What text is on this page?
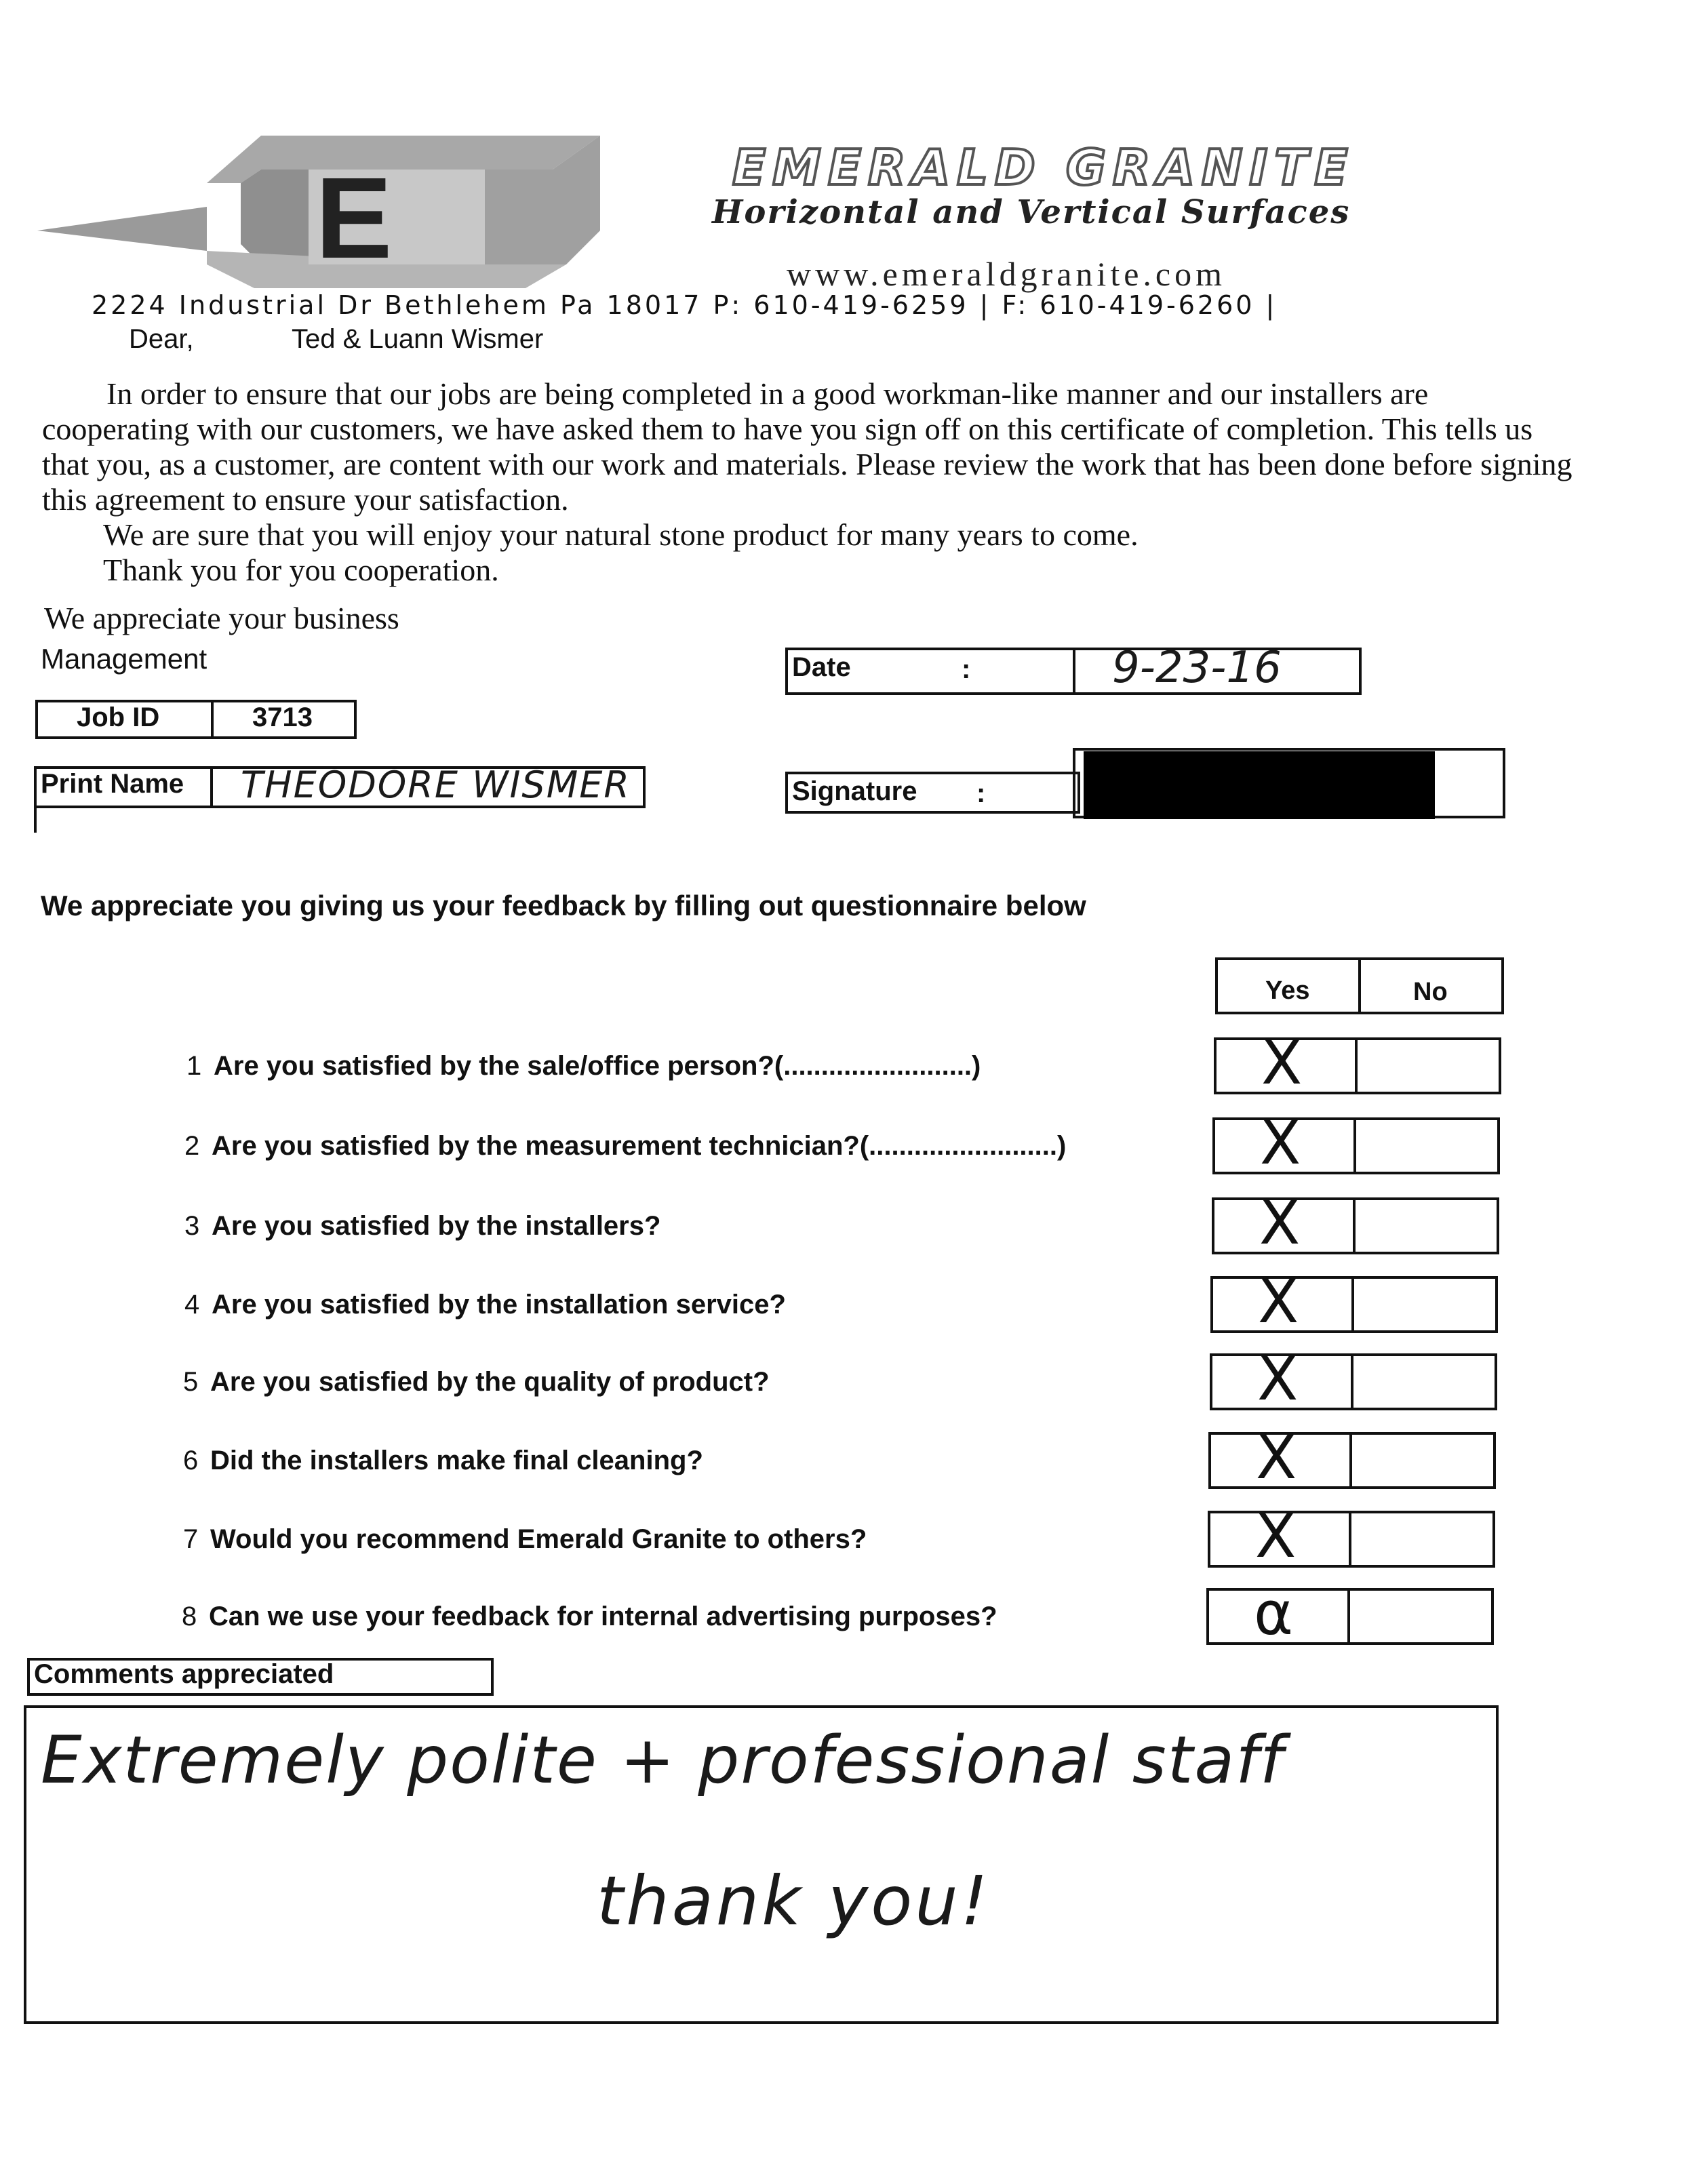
E	EMERALD GRANITE
Horizontal and Vertical Surfaces
www.emeraldgranite.com
2224 Industrial Dr Bethlehem Pa 18017 P: 610-419-6259 | F: 610-419-6260 |
Dear,	Ted & Luann Wismer

In order to ensure that our jobs are being completed in a good workman-like manner and our installers are cooperating with our customers, we have asked them to have you sign off on this certificate of completion. This tells us that you, as a customer, are content with our work and materials. Please review the work that has been done before signing this agreement to ensure your satisfaction.

We are sure that you will enjoy your natural stone product for many years to come.

Thank you for you cooperation.

We appreciate your business
Management	Date	:	9-23-16
Job ID	3713
Print Name THEODORE WISMER	Signature :
We appreciate you giving us your feedback by filling out questionnaire below
Yes	No
1 Are you satisfied by the sale/office person?(.........................)	X
2 Are you satisfied by the measurement technician?(.........................)	X
3 Are you satisfied by the installers?	X
4 Are you satisfied by the installation service?	X
5 Are you satisfied by the quality of product?	X
6 Did the installers make final cleaning?	X
7 Would you recommend Emerald Granite to others?	X
8 Can we use your feedback for internal advertising purposes?	α
Comments appreciated
Extremely polite + professional staff
thank you!
